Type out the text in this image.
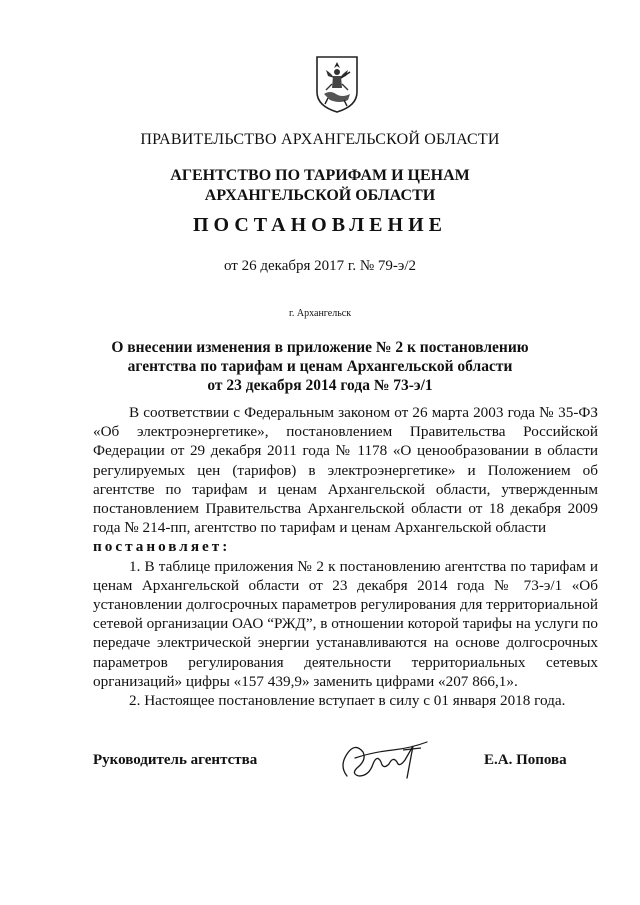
ПРАВИТЕЛЬСТВО АРХАНГЕЛЬСКОЙ ОБЛАСТИ
АГЕНТСТВО ПО ТАРИФАМ И ЦЕНАМ
АРХАНГЕЛЬСКОЙ ОБЛАСТИ
ПОСТАНОВЛЕНИЕ
от 26 декабря 2017 г. № 79-э/2
г. Архангельск
О внесении изменения в приложение № 2 к постановлению
агентства по тарифам и ценам Архангельской области
от 23 декабря 2014 года № 73-э/1

В соответствии с Федеральным законом от 26 марта 2003 года № 35-ФЗ «Об электроэнергетике», постановлением Правительства Российской Федерации от 29 декабря 2011 года № 1178 «О ценообразовании в области регулируемых цен (тарифов) в электроэнергетике» и Положением об агентстве по тарифам и ценам Архангельской области, утвержденным постановлением Правительства Архангельской области от 18 декабря 2009 года № 214-пп, агентство по тарифам и ценам Архангельской области

постановляет:

1. В таблице приложения № 2 к постановлению агентства по тарифам и ценам Архангельской области от 23 декабря 2014 года № 73-э/1 «Об установлении долгосрочных параметров регулирования для территориальной сетевой организации ОАО “РЖД”, в отношении которой тарифы на услуги по передаче электрической энергии устанавливаются на основе долгосрочных параметров регулирования деятельности территориальных сетевых организаций» цифры «157 439,9» заменить цифрами «207 866,1».

2. Настоящее постановление вступает в силу с 01 января 2018 года.

Руководитель агентства	Е.А. Попова
